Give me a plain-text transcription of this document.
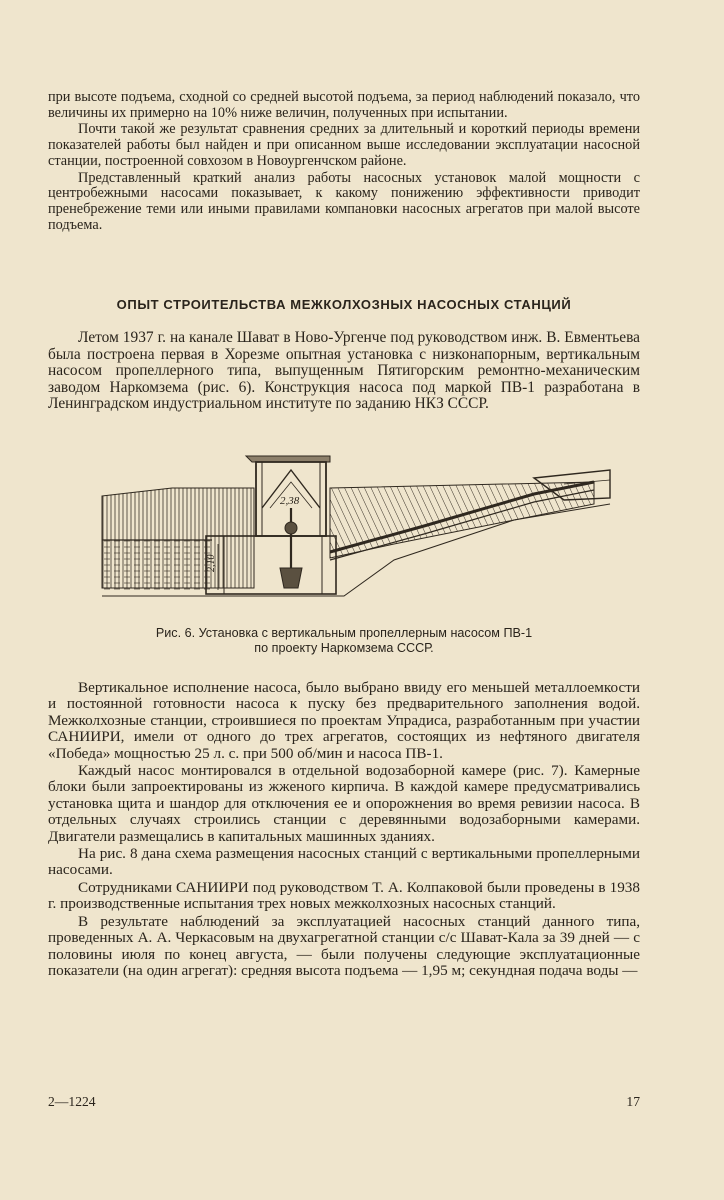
при высоте подъема, сходной со средней высотой подъема, за период наблюдений показало, что величины их примерно на 10% ниже величин, полученных при испытании.

Почти такой же результат сравнения средних за длительный и короткий периоды времени показателей работы был найден и при описанном выше исследовании эксплуатации насосной станции, построенной совхозом в Новоургенчском районе.

Представленный краткий анализ работы насосных установок малой мощности с центробежными насосами показывает, к какому понижению эффективности приводит пренебрежение теми или иными правилами компановки насосных агрегатов при малой высоте подъема.

ОПЫТ СТРОИТЕЛЬСТВА МЕЖКОЛХОЗНЫХ НАСОСНЫХ СТАНЦИЙ

Летом 1937 г. на канале Шават в Ново-Ургенче под руководством инж. В. Евментьева была построена первая в Хорезме опытная установка с низконапорным, вертикальным насосом пропеллерного типа, выпущенным Пятигорским ремонтно-механическим заводом Наркомзема (рис. 6). Конструкция насоса под маркой ПВ-1 разработана в Ленинградском индустриальном институте по заданию НКЗ СССР.

2,38
2,10
Рис. 6. Установка с вертикальным пропеллерным насосом ПВ-1
по проекту Наркомзема СССР.

Вертикальное исполнение насоса, было выбрано ввиду его меньшей металлоемкости и постоянной готовности насоса к пуску без предварительного заполнения водой. Межколхозные станции, строившиеся по проектам Упрадиса, разработанным при участии САНИИРИ, имели от одного до трех агрегатов, состоящих из нефтяного двигателя «Победа» мощностью 25 л. с. при 500 об/мин и насоса ПВ-1.

Каждый насос монтировался в отдельной водозаборной камере (рис. 7). Камерные блоки были запроектированы из жженого кирпича. В каждой камере предусматривались установка щита и шандор для отключения ее и опорожнения во время ревизии насоса. В отдельных случаях строились станции с деревянными водозаборными камерами. Двигатели размещались в капитальных машинных зданиях.

На рис. 8 дана схема размещения насосных станций с вертикальными пропеллерными насосами.

Сотрудниками САНИИРИ под руководством Т. А. Колпаковой были проведены в 1938 г. производственные испытания трех новых межколхозных насосных станций.

В результате наблюдений за эксплуатацией насосных станций данного типа, проведенных А. А. Черкасовым на двухагрегатной станции с/с Шават-Кала за 39 дней — с половины июля по конец августа, — были получены следующие эксплуатационные показатели (на один агрегат): средняя высота подъема — 1,95 м; секундная подача воды —

2—1224	17
